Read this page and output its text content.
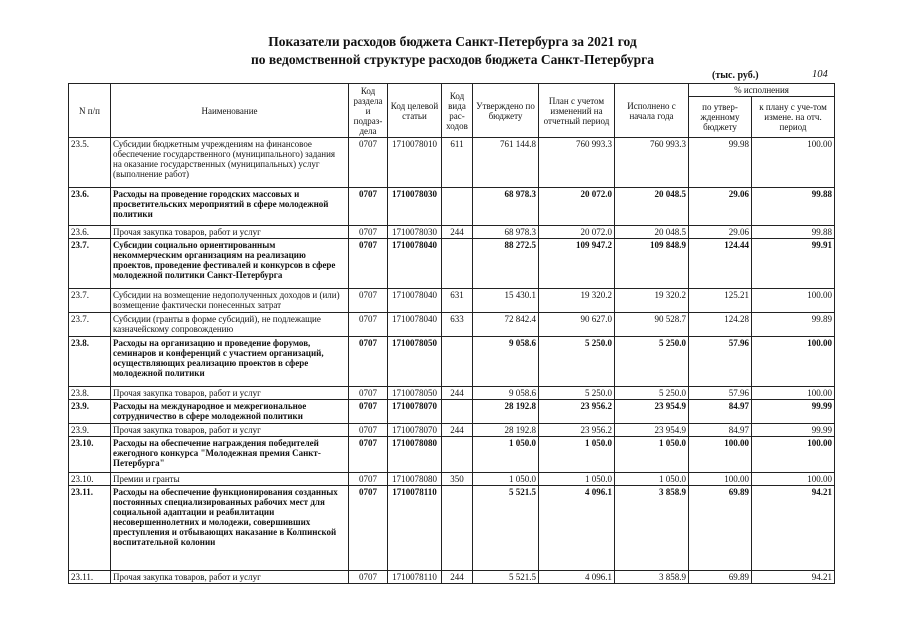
Показатели расходов бюджета Санкт-Петербурга за 2021 год
по ведомственной структуре расходов бюджета Санкт-Петербурга
(тыс. руб.)	104
N п/п	Наименование	Код раздела и подраз-дела	Код целевой статьи	Код вида рас-ходов	Утверждено по бюджету	План с учетом изменений на отчетный период	Исполнено с начала года	% исполнения	
								по утвер-жденному бюджету	к плану с уче-том измене. на отч. период
23.5.	Субсидии бюджетным учреждениям на финансовое обеспечение государственного (муниципального) задания на оказание государственных (муниципальных) услуг (выполнение работ)	0707	1710078010	611	761 144.8	760 993.3	760 993.3	99.98	100.00
23.6.	Расходы на проведение городских массовых и просветительских мероприятий в сфере молодежной политики	0707	1710078030		68 978.3	20 072.0	20 048.5	29.06	99.88
23.6.	Прочая закупка товаров, работ и услуг	0707	1710078030	244	68 978.3	20 072.0	20 048.5	29.06	99.88
23.7.	Субсидии социально ориентированным некоммерческим организациям на реализацию проектов, проведение фестивалей и конкурсов в сфере молодежной политики Санкт-Петербурга	0707	1710078040		88 272.5	109 947.2	109 848.9	124.44	99.91
23.7.	Субсидии на возмещение недополученных доходов и (или) возмещение фактически понесенных затрат	0707	1710078040	631	15 430.1	19 320.2	19 320.2	125.21	100.00
23.7.	Субсидии (гранты в форме субсидий), не подлежащие казначейскому сопровождению	0707	1710078040	633	72 842.4	90 627.0	90 528.7	124.28	99.89
23.8.	Расходы на организацию и проведение форумов, семинаров и конференций с участием организаций, осуществляющих реализацию проектов в сфере молодежной политики	0707	1710078050		9 058.6	5 250.0	5 250.0	57.96	100.00
23.8.	Прочая закупка товаров, работ и услуг	0707	1710078050	244	9 058.6	5 250.0	5 250.0	57.96	100.00
23.9.	Расходы на международное и межрегиональное сотрудничество в сфере молодежной политики	0707	1710078070		28 192.8	23 956.2	23 954.9	84.97	99.99
23.9.	Прочая закупка товаров, работ и услуг	0707	1710078070	244	28 192.8	23 956.2	23 954.9	84.97	99.99
23.10.	Расходы на обеспечение награждения победителей ежегодного конкурса "Молодежная премия Санкт-Петербурга"	0707	1710078080		1 050.0	1 050.0	1 050.0	100.00	100.00
23.10.	Премии и гранты	0707	1710078080	350	1 050.0	1 050.0	1 050.0	100.00	100.00
23.11.	Расходы на обеспечение функционирования созданных постоянных специализированных рабочих мест для социальной адаптации и реабилитации несовершеннолетних и молодежи, совершивших преступления и отбывающих наказание в Колпинской воспитательной колонии	0707	1710078110		5 521.5	4 096.1	3 858.9	69.89	94.21
23.11.	Прочая закупка товаров, работ и услуг	0707	1710078110	244	5 521.5	4 096.1	3 858.9	69.89	94.21
